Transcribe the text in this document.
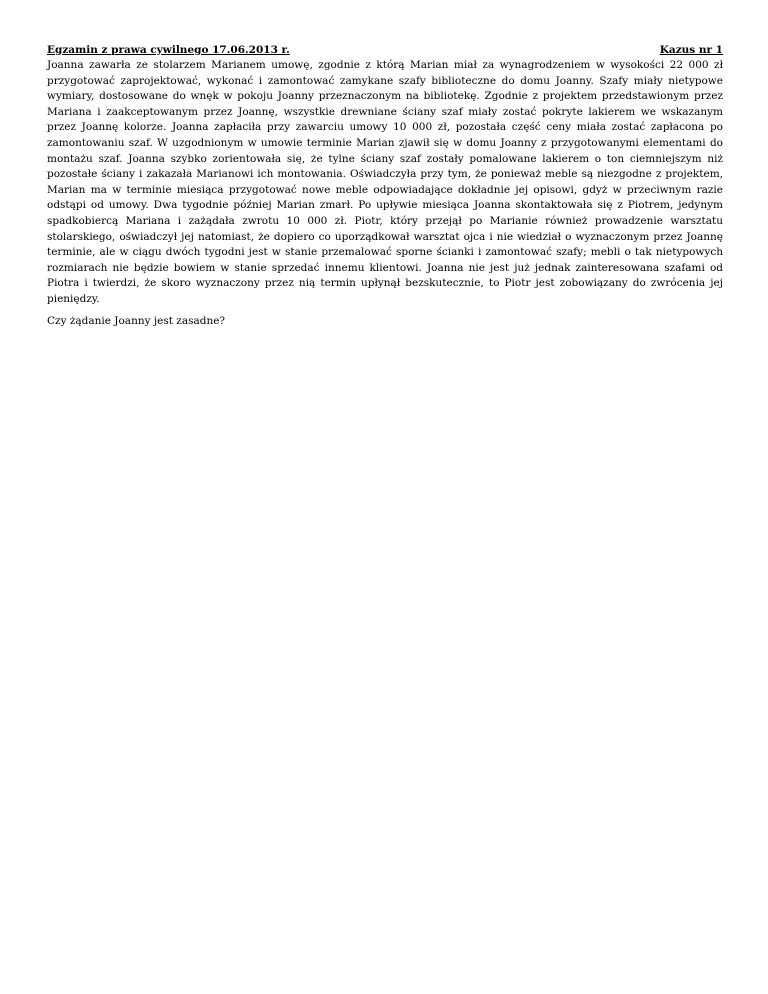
Egzamin z prawa cywilnego 17.06.2013 r.	Kazus nr 1

Joanna zawarła ze stolarzem Marianem umowę, zgodnie z którą Marian miał za wynagrodzeniem w wysokości 22 000 zł przygotować zaprojektować, wykonać i zamontować zamykane szafy biblioteczne do domu Joanny. Szafy miały nietypowe wymiary, dostosowane do wnęk w pokoju Joanny przeznaczonym na bibliotekę. Zgodnie z projektem przedstawionym przez Mariana i zaakceptowanym przez Joannę, wszystkie drewniane ściany szaf miały zostać pokryte lakierem we wskazanym przez Joannę kolorze. Joanna zapłaciła przy zawarciu umowy 10 000 zł, pozostała część ceny miała zostać zapłacona po zamontowaniu szaf. W uzgodnionym w umowie terminie Marian zjawił się w domu Joanny z przygotowanymi elementami do montażu szaf. Joanna szybko zorientowała się, że tylne ściany szaf zostały pomalowane lakierem o ton ciemniejszym niż pozostałe ściany i zakazała Marianowi ich montowania. Oświadczyła przy tym, że ponieważ meble są niezgodne z projektem, Marian ma w terminie miesiąca przygotować nowe meble odpowiadające dokładnie jej opisowi, gdyż w przeciwnym razie odstąpi od umowy. Dwa tygodnie później Marian zmarł. Po upływie miesiąca Joanna skontaktowała się z Piotrem, jedynym spadkobiercą Mariana i zażądała zwrotu 10 000 zł. Piotr, który przejął po Marianie również prowadzenie warsztatu stolarskiego, oświadczył jej natomiast, że dopiero co uporządkował warsztat ojca i nie wiedział o wyznaczonym przez Joannę terminie, ale w ciągu dwóch tygodni jest w stanie przemalować sporne ścianki i zamontować szafy; mebli o tak nietypowych rozmiarach nie będzie bowiem w stanie sprzedać innemu klientowi. Joanna nie jest już jednak zainteresowana szafami od Piotra i twierdzi, że skoro wyznaczony przez nią termin upłynął bezskutecznie, to Piotr jest zobowiązany do zwrócenia jej pieniędzy.

Czy żądanie Joanny jest zasadne?
